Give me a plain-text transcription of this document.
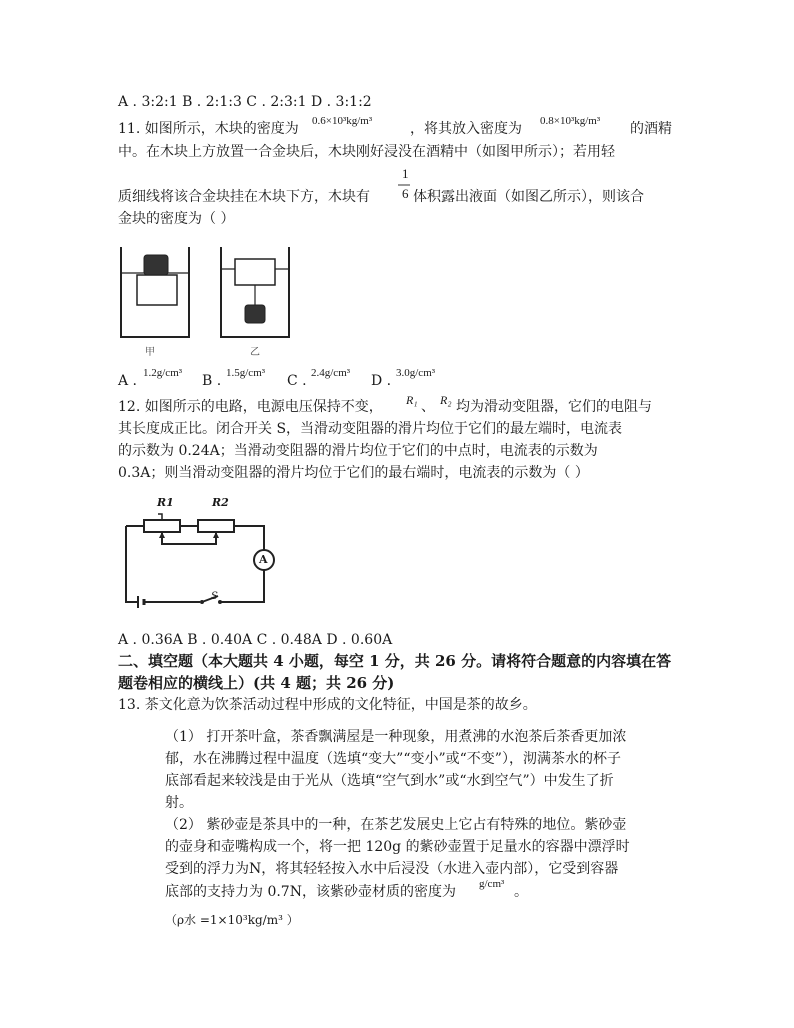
A . 3:2:1 B . 2:1:3 C . 2:3:1 D . 3:1:2
11. 如图所示，木块的密度为 0.6×10³kg/m³	，将其放入密度为 0.8×10³kg/m³ 的酒精
中。在木块上方放置一合金块后，木块刚好浸没在酒精中（如图甲所示）；若用轻
1
6
质细线将该合金块挂在木块下方，木块有	体积露出液面（如图乙所示），则该合
金块的密度为（ ）
甲	乙
A . 1.2g/cm³ B . 1.5g/cm³ C . 2.4g/cm³ D . 3.0g/cm³
12. 如图所示的电路，电源电压保持不变， R₁ 、 R₂ 均为滑动变阻器，它们的电阻与
其长度成正比。闭合开关 S，当滑动变阻器的滑片均位于它们的最左端时，电流表
的示数为 0.24A；当滑动变阻器的滑片均位于它们的中点时，电流表的示数为
0.3A；则当滑动变阻器的滑片均位于它们的最右端时，电流表的示数为（ ）
R1	R2
A
S
A . 0.36A B . 0.40A C . 0.48A D . 0.60A
二、填空题（本大题共 4 小题，每空 1 分，共 26 分。请将符合题意的内容填在答
题卷相应的横线上）(共 4 题；共 26 分)
13. 茶文化意为饮茶活动过程中形成的文化特征，中国是茶的故乡。
（1） 打开茶叶盒，茶香飘满屋是一种现象，用煮沸的水泡茶后茶香更加浓
郁，水在沸腾过程中温度（选填“变大”“变小”或“不变”），沏满茶水的杯子
底部看起来较浅是由于光从（选填“空气到水”或“水到空气”）中发生了折
射。
（2） 紫砂壶是茶具中的一种，在茶艺发展史上它占有特殊的地位。紫砂壶
的壶身和壶嘴构成一个，将一把 120g 的紫砂壶置于足量水的容器中漂浮时
受到的浮力为N，将其轻轻按入水中后浸没（水进入壶内部），它受到容器
底部的支持力为 0.7N，该紫砂壶材质的密度为 g/cm³ 。
（ρ水 =1×10³kg/m³ ）
